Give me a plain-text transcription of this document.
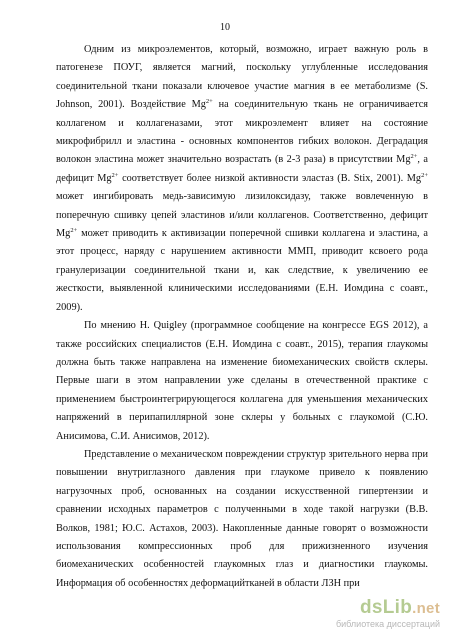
10

Одним из микроэлементов, который, возможно, играет важную роль в патогенезе ПОУГ, является магний, поскольку углубленные исследования соединительной ткани показали ключевое участие магния в ее метаболизме (S. Johnson, 2001). Воздействие $Mg^{2+}$ на соединительную ткань не ограничивается коллагеном и коллагеназами, этот микроэлемент влияет на состояние микрофибрилл и эластина - основных компонентов гибких волокон. Деградация волокон эластина может значительно возрастать (в 2-3 раза) в присутствии $Mg^{2+}$, а дефицит $Mg^{2+}$ соответствует более низкой активности эластаз (B. Stix, 2001). $Mg^{2+}$ может ингибировать медь-зависимую лизилоксидазу, также вовлеченную в поперечную сшивку цепей эластинов и/или коллагенов. Соответственно, дефицит $Mg^{2+}$ может приводить к активизации поперечной сшивки коллагена и эластина, а этот процесс, наряду с нарушением активности ММП, приводит ксвоего рода гранулеризации соединительной ткани и, как следствие, к увеличению ее жесткости, выявленной клиническими исследованиями (Е.Н. Иомдина с соавт., 2009).

По мнению H. Quigley (программное сообщение на конгрессе EGS 2012), а также российских специалистов (Е.Н. Иомдина с соавт., 2015), терапия глаукомы должна быть также направлена на изменение биомеханических свойств склеры. Первые шаги в этом направлении уже сделаны в отечественной практике с применением быстроинтегрирующегося коллагена для уменьшения механических напряжений в перипапиллярной зоне склеры у больных с глаукомой (С.Ю. Анисимова, С.И. Анисимов, 2012).

Представление о механическом повреждении структур зрительного нерва при повышении внутриглазного давления при глаукоме привело к появлению нагрузочных проб, основанных на создании искусственной гипертензии и сравнении исходных параметров с полученными в ходе такой нагрузки (В.В. Волков, 1981; Ю.С. Астахов, 2003). Накопленные данные говорят о возможности использования компрессионных проб для прижизненного изучения биомеханических особенностей глаукомных глаз и диагностики глаукомы. Информация об особенностях деформацийтканей в области ЛЗН при

dsLib.net
библиотека диссертаций
